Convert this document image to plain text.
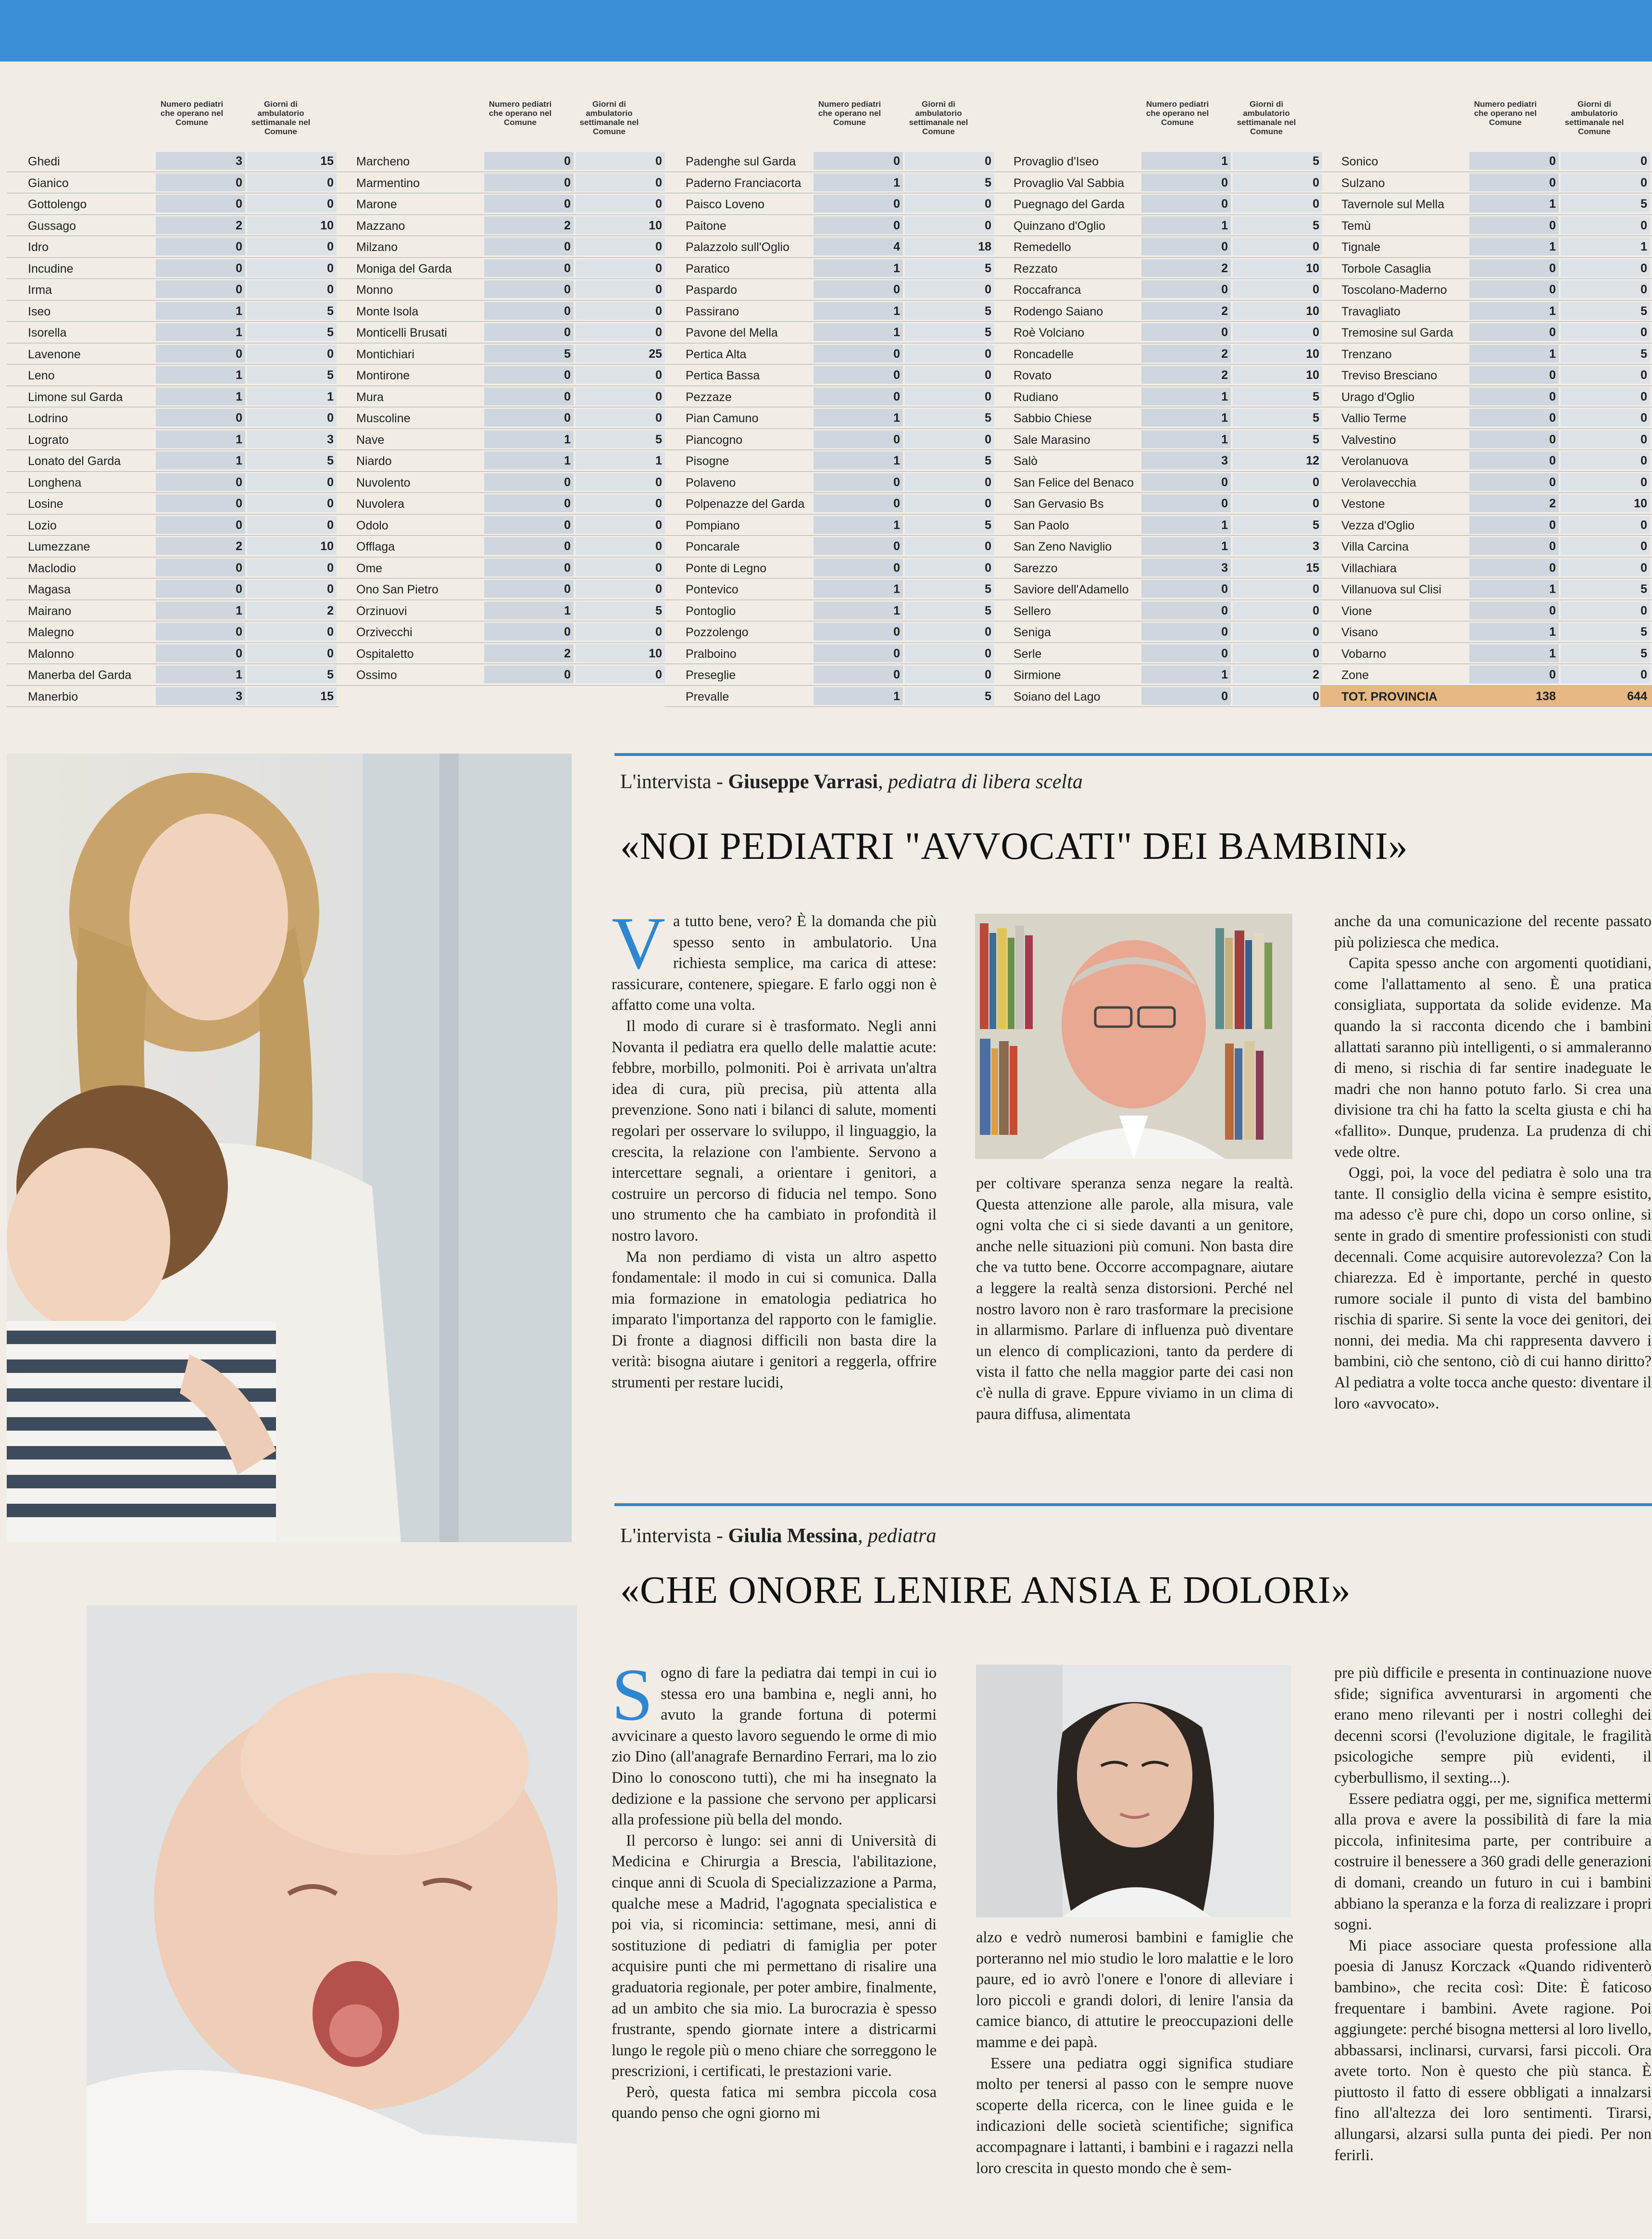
Numero pediatri che operano nel Comune
Giorni di ambulatorio settimanale nel Comune
Ghedi	3	15
Gianico	0	0
Gottolengo	0	0
Gussago	2	10
Idro	0	0
Incudine	0	0
Irma	0	0
Iseo	1	5
Isorella	1	5
Lavenone	0	0
Leno	1	5
Limone sul Garda	1	1
Lodrino	0	0
Lograto	1	3
Lonato del Garda	1	5
Longhena	0	0
Losine	0	0
Lozio	0	0
Lumezzane	2	10
Maclodio	0	0
Magasa	0	0
Mairano	1	2
Malegno	0	0
Malonno	0	0
Manerba del Garda	1	5
Manerbio	3	15
Numero pediatri che operano nel Comune
Giorni di ambulatorio settimanale nel Comune
Marcheno	0	0
Marmentino	0	0
Marone	0	0
Mazzano	2	10
Milzano	0	0
Moniga del Garda	0	0
Monno	0	0
Monte Isola	0	0
Monticelli Brusati	0	0
Montichiari	5	25
Montirone	0	0
Mura	0	0
Muscoline	0	0
Nave	1	5
Niardo	1	1
Nuvolento	0	0
Nuvolera	0	0
Odolo	0	0
Offlaga	0	0
Ome	0	0
Ono San Pietro	0	0
Orzinuovi	1	5
Orzivecchi	0	0
Ospitaletto	2	10
Ossimo	0	0
Numero pediatri che operano nel Comune
Giorni di ambulatorio settimanale nel Comune
Padenghe sul Garda	0	0
Paderno Franciacorta	1	5
Paisco Loveno	0	0
Paitone	0	0
Palazzolo sull'Oglio	4	18
Paratico	1	5
Paspardo	0	0
Passirano	1	5
Pavone del Mella	1	5
Pertica Alta	0	0
Pertica Bassa	0	0
Pezzaze	0	0
Pian Camuno	1	5
Piancogno	0	0
Pisogne	1	5
Polaveno	0	0
Polpenazze del Garda	0	0
Pompiano	1	5
Poncarale	0	0
Ponte di Legno	0	0
Pontevico	1	5
Pontoglio	1	5
Pozzolengo	0	0
Pralboino	0	0
Preseglie	0	0
Prevalle	1	5
Numero pediatri che operano nel Comune
Giorni di ambulatorio settimanale nel Comune
Provaglio d'Iseo	1	5
Provaglio Val Sabbia	0	0
Puegnago del Garda	0	0
Quinzano d'Oglio	1	5
Remedello	0	0
Rezzato	2	10
Roccafranca	0	0
Rodengo Saiano	2	10
Roè Volciano	0	0
Roncadelle	2	10
Rovato	2	10
Rudiano	1	5
Sabbio Chiese	1	5
Sale Marasino	1	5
Salò	3	12
San Felice del Benaco	0	0
San Gervasio Bs	0	0
San Paolo	1	5
San Zeno Naviglio	1	3
Sarezzo	3	15
Saviore dell'Adamello	0	0
Sellero	0	0
Seniga	0	0
Serle	0	0
Sirmione	1	2
Soiano del Lago	0	0
Numero pediatri che operano nel Comune
Giorni di ambulatorio settimanale nel Comune
Sonico	0	0
Sulzano	0	0
Tavernole sul Mella	1	5
Temù	0	0
Tignale	1	1
Torbole Casaglia	0	0
Toscolano-Maderno	0	0
Travagliato	1	5
Tremosine sul Garda	0	0
Trenzano	1	5
Treviso Bresciano	0	0
Urago d'Oglio	0	0
Vallio Terme	0	0
Valvestino	0	0
Verolanuova	0	0
Verolavecchia	0	0
Vestone	2	10
Vezza d'Oglio	0	0
Villa Carcina	0	0
Villachiara	0	0
Villanuova sul Clisi	1	5
Vione	0	0
Visano	1	5
Vobarno	1	5
Zone	0	0
TOT. PROVINCIA	138	644
L'intervista - Giuseppe Varrasi, pediatra di libera scelta
«NOI PEDIATRI "AVVOCATI" DEI BAMBINI»
V a tutto bene, vero? È la domanda che più spesso sento in ambulatorio. Una richiesta semplice, ma carica di attese: rassicurare, contenere, spiegare. E farlo oggi non è affatto come una volta.

Il modo di curare si è trasformato. Negli anni Novanta il pediatra era quello delle malattie acute: febbre, morbillo, polmoniti. Poi è arrivata un'altra idea di cura, più precisa, più attenta alla prevenzione. Sono nati i bilanci di salute, momenti regolari per osservare lo sviluppo, il linguaggio, la crescita, la relazione con l'ambiente. Servono a intercettare segnali, a orientare i genitori, a costruire un percorso di fiducia nel tempo. Sono uno strumento che ha cambiato in profondità il nostro lavoro.

Ma non perdiamo di vista un altro aspetto fondamentale: il modo in cui si comunica. Dalla mia formazione in ematologia pediatrica ho imparato l'importanza del rapporto con le famiglie. Di fronte a diagnosi difficili non basta dire la verità: bisogna aiutare i genitori a reggerla, offrire strumenti per restare lucidi,

per coltivare speranza senza negare la realtà. Questa attenzione alle parole, alla misura, vale ogni volta che ci si siede davanti a un genitore, anche nelle situazioni più comuni. Non basta dire che va tutto bene. Occorre accompagnare, aiutare a leggere la realtà senza distorsioni. Perché nel nostro lavoro non è raro trasformare la precisione in allarmismo. Parlare di influenza può diventare un elenco di complicazioni, tanto da perdere di vista il fatto che nella maggior parte dei casi non c'è nulla di grave. Eppure viviamo in un clima di paura diffusa, alimentata

anche da una comunicazione del recente passato più poliziesca che medica.

Capita spesso anche con argomenti quotidiani, come l'allattamento al seno. È una pratica consigliata, supportata da solide evidenze. Ma quando la si racconta dicendo che i bambini allattati saranno più intelligenti, o si ammaleranno di meno, si rischia di far sentire inadeguate le madri che non hanno potuto farlo. Si crea una divisione tra chi ha fatto la scelta giusta e chi ha «fallito». Dunque, prudenza. La prudenza di chi vede oltre.

Oggi, poi, la voce del pediatra è solo una tra tante. Il consiglio della vicina è sempre esistito, ma adesso c'è pure chi, dopo un corso online, si sente in grado di smentire professionisti con studi decennali. Come acquisire autorevolezza? Con la chiarezza. Ed è importante, perché in questo rumore sociale il punto di vista del bambino rischia di sparire. Si sente la voce dei genitori, dei nonni, dei media. Ma chi rappresenta davvero i bambini, ciò che sentono, ciò di cui hanno diritto? Al pediatra a volte tocca anche questo: diventare il loro «avvocato».

L'intervista - Giulia Messina, pediatra
«CHE ONORE LENIRE ANSIA E DOLORI»
S ogno di fare la pediatra dai tempi in cui io stessa ero una bambina e, negli anni, ho avuto la grande fortuna di potermi avvicinare a questo lavoro seguendo le orme di mio zio Dino (all'anagrafe Bernardino Ferrari, ma lo zio Dino lo conoscono tutti), che mi ha insegnato la dedizione e la passione che servono per applicarsi alla professione più bella del mondo.

Il percorso è lungo: sei anni di Università di Medicina e Chirurgia a Brescia, l'abilitazione, cinque anni di Scuola di Specializzazione a Parma, qualche mese a Madrid, l'agognata specialistica e poi via, si ricomincia: settimane, mesi, anni di sostituzione di pediatri di famiglia per poter acquisire punti che mi permettano di risalire una graduatoria regionale, per poter ambire, finalmente, ad un ambito che sia mio. La burocrazia è spesso frustrante, spendo giornate intere a districarmi lungo le regole più o meno chiare che sorreggono le prescrizioni, i certificati, le prestazioni varie.

Però, questa fatica mi sembra piccola cosa quando penso che ogni giorno mi

alzo e vedrò numerosi bambini e famiglie che porteranno nel mio studio le loro malattie e le loro paure, ed io avrò l'onere e l'onore di alleviare i loro piccoli e grandi dolori, di lenire l'ansia da camice bianco, di attutire le preoccupazioni delle mamme e dei papà.

Essere una pediatra oggi significa studiare molto per tenersi al passo con le sempre nuove scoperte della ricerca, con le linee guida e le indicazioni delle società scientifiche; significa accompagnare i lattanti, i bambini e i ragazzi nella loro crescita in questo mondo che è sem-

pre più difficile e presenta in continuazione nuove sfide; significa avventurarsi in argomenti che erano meno rilevanti per i nostri colleghi dei decenni scorsi (l'evoluzione digitale, le fragilità psicologiche sempre più evidenti, il cyberbullismo, il sexting...).

Essere pediatra oggi, per me, significa mettermi alla prova e avere la possibilità di fare la mia piccola, infinitesima parte, per contribuire a costruire il benessere a 360 gradi delle generazioni di domani, creando un futuro in cui i bambini abbiano la speranza e la forza di realizzare i propri sogni.

Mi piace associare questa professione alla poesia di Janusz Korczack «Quando ridiventerò bambino», che recita così: Dite: È faticoso frequentare i bambini. Avete ragione. Poi aggiungete: perché bisogna mettersi al loro livello, abbassarsi, inclinarsi, curvarsi, farsi piccoli. Ora avete torto. Non è questo che più stanca. È piuttosto il fatto di essere obbligati a innalzarsi fino all'altezza dei loro sentimenti. Tirarsi, allungarsi, alzarsi sulla punta dei piedi. Per non ferirli.
